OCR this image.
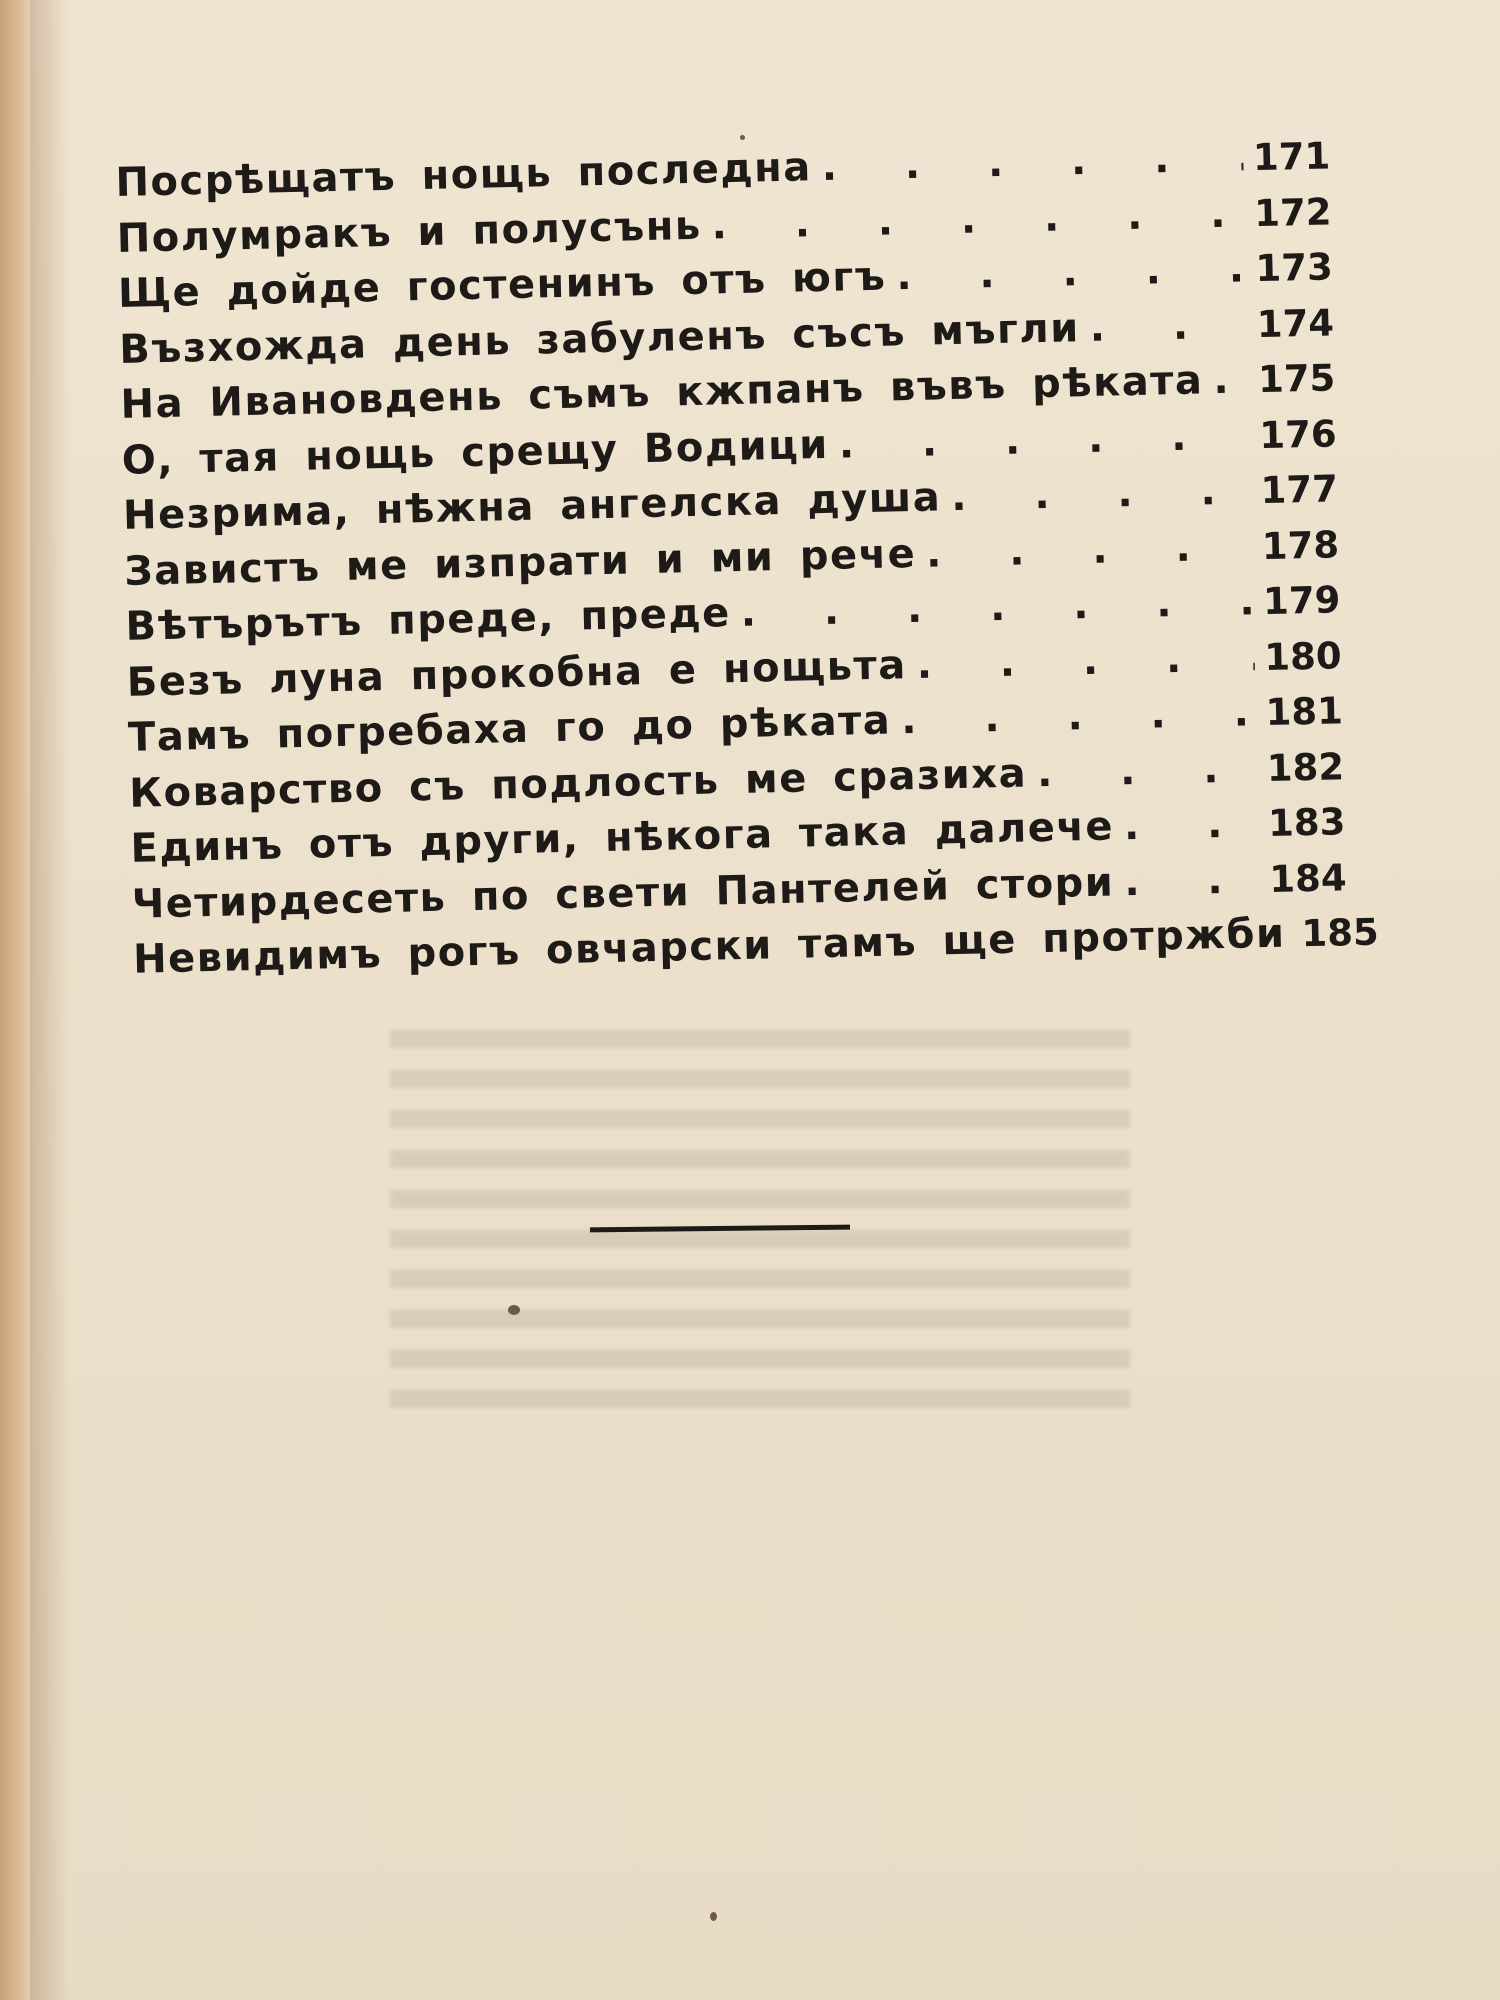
Посрѣщатъ нощь последна . . .	171
Полумракъ и полусънь . . .	172
Ще дойде гостенинъ отъ югъ . . .	173
Възхожда день забуленъ съсъ мъгли . . .	174
На Ивановдень съмъ кжпанъ въвъ рѣката . . . 175
О, тая нощь срещу Водици . . .	176
Незрима, нѣжна ангелска душа . . .	177
Завистъ ме изпрати и ми рече . . .	178
Вѣтърътъ преде, преде . . .	179
Безъ луна прокобна е нощьта . . .	180
Тамъ погребаха го до рѣката . . .	181
Коварство съ подлость ме сразиха . . .	182
Единъ отъ други, нѣкога така далече . . .	183
Четирдесеть по свети Пантелей стори . . .	184
Невидимъ рогъ овчарски тамъ ще протржби . . . 185
